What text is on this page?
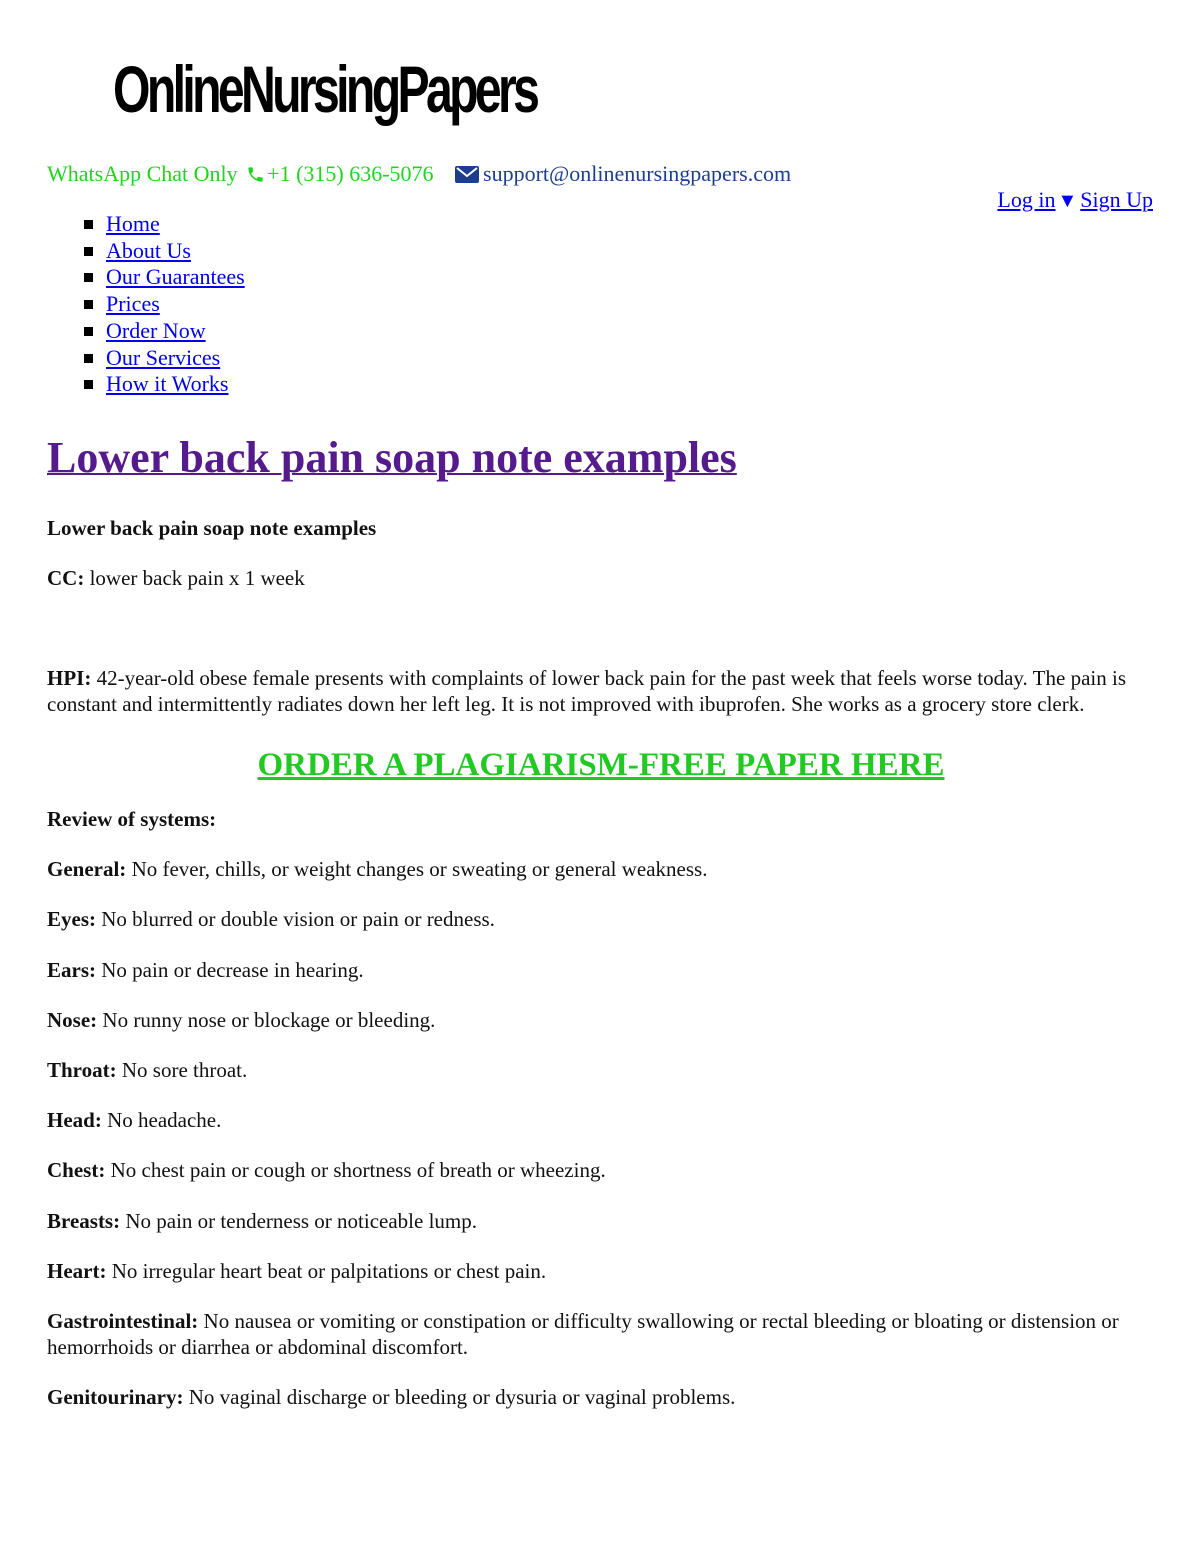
OnlineNursingPapers
WhatsApp Chat Only +1 (315) 636-5076 support@onlinenursingpapers.com
Log in ▼ Sign Up
Home
About Us
Our Guarantees
Prices
Order Now
Our Services
How it Works
Lower back pain soap note examples

Lower back pain soap note examples

CC: lower back pain x 1 week

HPI: 42-year-old obese female presents with complaints of lower back pain for the past week that feels worse today. The pain is constant and intermittently radiates down her left leg. It is not improved with ibuprofen. She works as a grocery store clerk.

ORDER A PLAGIARISM-FREE PAPER HERE

Review of systems:

General: No fever, chills, or weight changes or sweating or general weakness.

Eyes: No blurred or double vision or pain or redness.

Ears: No pain or decrease in hearing.

Nose: No runny nose or blockage or bleeding.

Throat: No sore throat.

Head: No headache.

Chest: No chest pain or cough or shortness of breath or wheezing.

Breasts: No pain or tenderness or noticeable lump.

Heart: No irregular heart beat or palpitations or chest pain.

Gastrointestinal: No nausea or vomiting or constipation or difficulty swallowing or rectal bleeding or bloating or distension or hemorrhoids or diarrhea or abdominal discomfort.

Genitourinary: No vaginal discharge or bleeding or dysuria or vaginal problems.
